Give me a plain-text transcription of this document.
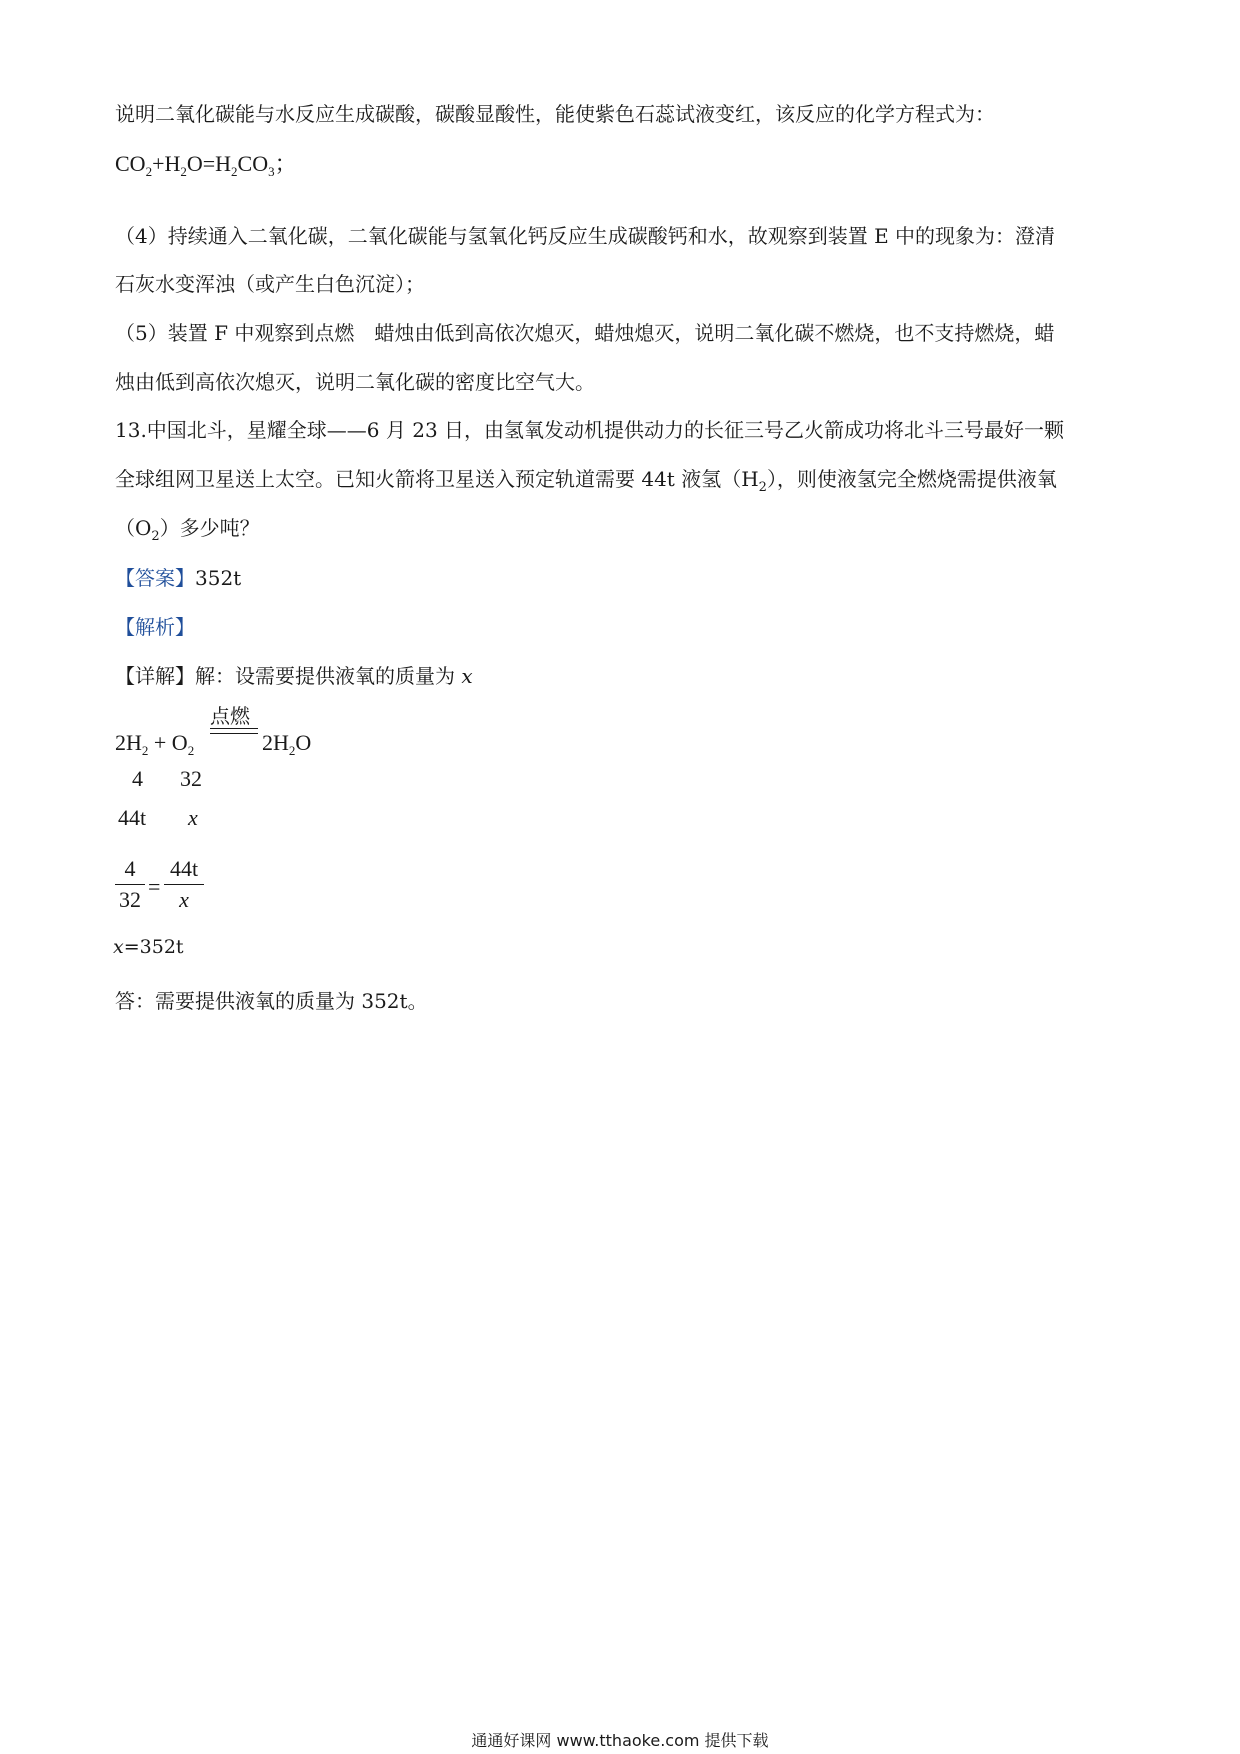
说明二氧化碳能与水反应生成碳酸，碳酸显酸性，能使紫色石蕊试液变红，该反应的化学方程式为：
$CO_2+H_2O=H_2CO_3$；
（4）持续通入二氧化碳，二氧化碳能与氢氧化钙反应生成碳酸钙和水，故观察到装置 E 中的现象为：澄清
石灰水变浑浊（或产生白色沉淀）；
（5）装置 F 中观察到点燃　蜡烛由低到高依次熄灭，蜡烛熄灭，说明二氧化碳不燃烧，也不支持燃烧，蜡
烛由低到高依次熄灭，说明二氧化碳的密度比空气大。
13.中国北斗，星耀全球——6 月 23 日，由氢氧发动机提供动力的长征三号乙火箭成功将北斗三号最好一颗
全球组网卫星送上太空。已知火箭将卫星送入预定轨道需要 44t 液氢$(H_2)$，则使液氢完全燃烧需提供液氧
$(O_2)$多少吨？
【答案】352t
【解析】
【详解】解：设需要提供液氧的质量为 x
$2H_2 + O_2$
点燃
$2H_2O$
4 32
44t x
4
32
=
44t
x
x=352t
答：需要提供液氧的质量为 352t。
通通好课网 www.tthaoke.com 提供下载
